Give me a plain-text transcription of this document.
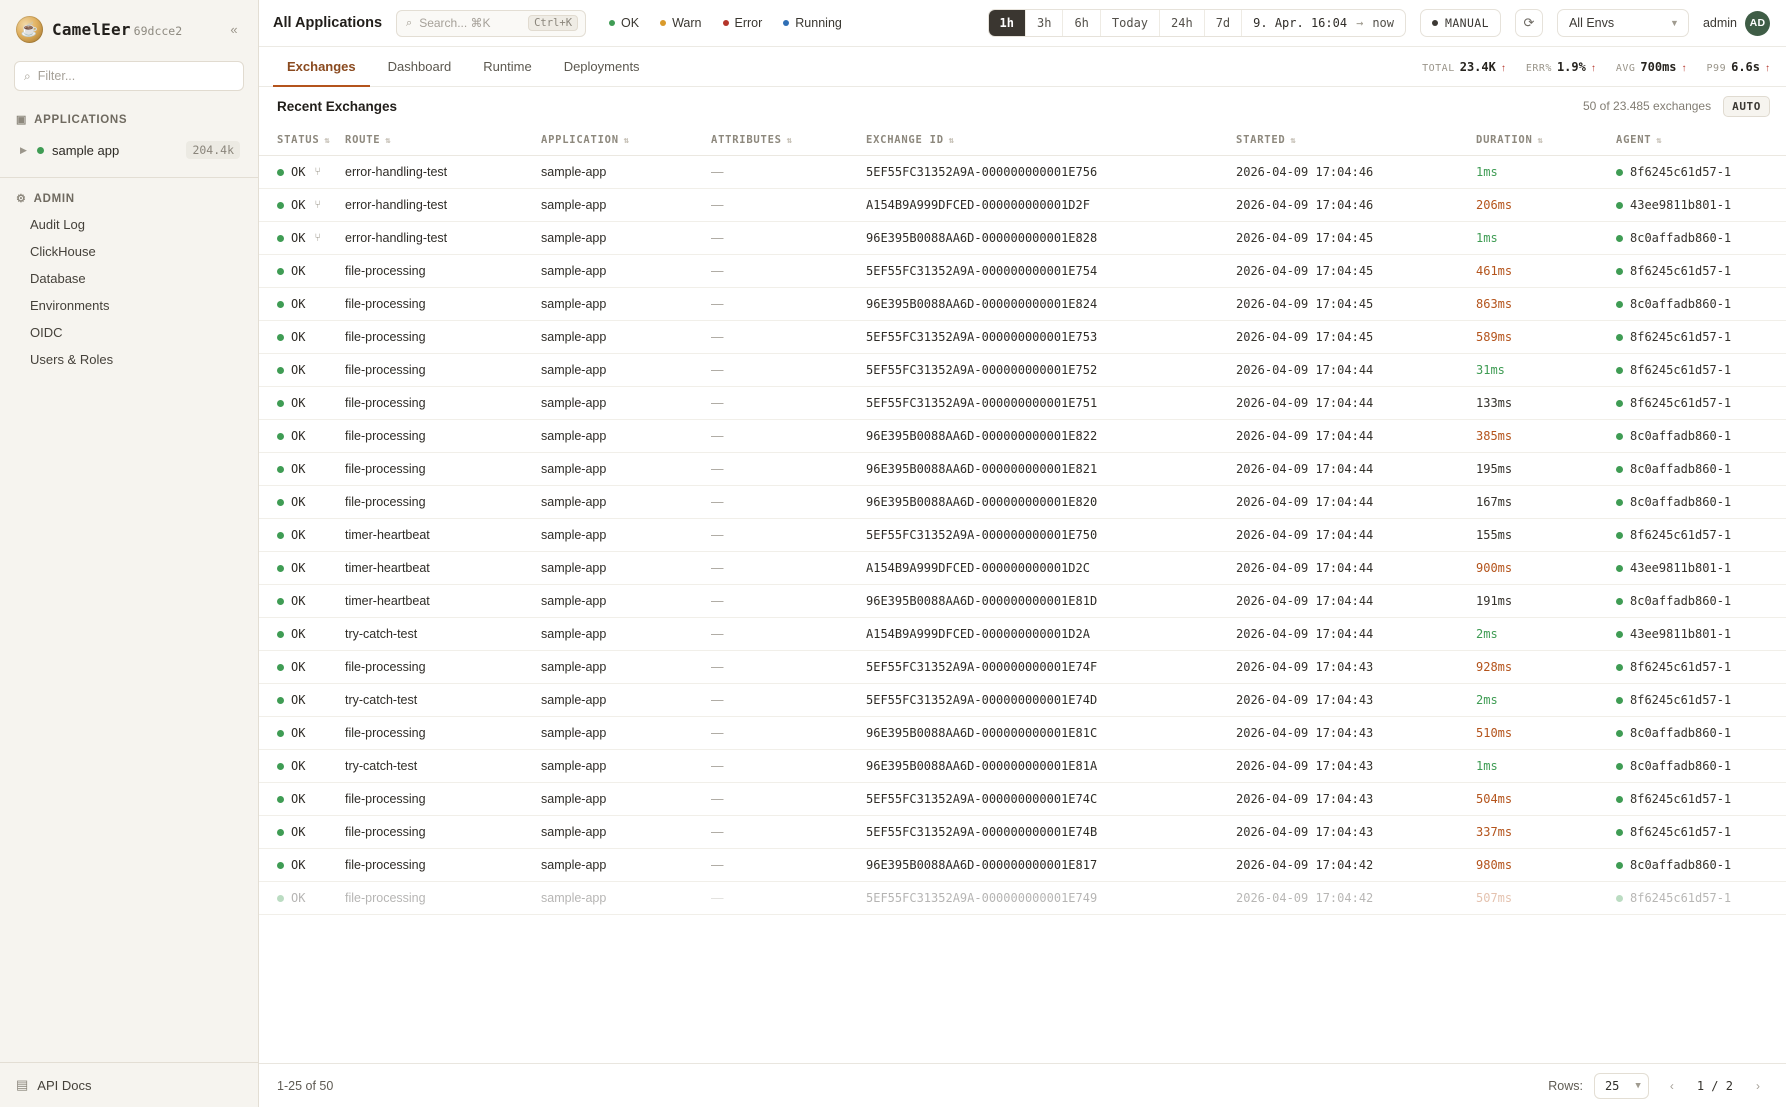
☕ CamelEer 69dcce2	«
⌕
Filter...
▣ APPLICATIONS
▶ sample app	204.4k
⚙ ADMIN
Audit Log
ClickHouse
Database
Environments
OIDC
Users & Roles
▤ API Docs
All Applications ⌕ Search... ⌘K	Ctrl+K	OK	Warn	Error	Running	1h	3h	6h	Today	24h	7d	9. Apr. 16:04 → now	MANUAL	⟳	All Envs	▼ admin	AD
Exchanges	Dashboard	Runtime	Deployments	TOTAL 23.4K ↑ ERR% 1.9% ↑ AVG 700ms ↑ P99 6.6s ↑
Recent Exchanges	50 of 23.485 exchanges	AUTO
STATUS ⇅	ROUTE ⇅	APPLICATION ⇅	ATTRIBUTES ⇅	EXCHANGE ID ⇅	STARTED ⇅	DURATION ⇅	AGENT ⇅

OK ⑂	error-handling-test	sample-app	—	5EF55FC31352A9A-000000000001E756	2026-04-09 17:04:46	1ms	8f6245c61d57-1

OK ⑂	error-handling-test	sample-app	—	A154B9A999DFCED-000000000001D2F	2026-04-09 17:04:46	206ms	43ee9811b801-1

OK ⑂	error-handling-test	sample-app	—	96E395B0088AA6D-000000000001E828	2026-04-09 17:04:45	1ms	8c0affadb860-1

OK	file-processing	sample-app	—	5EF55FC31352A9A-000000000001E754	2026-04-09 17:04:45	461ms	8f6245c61d57-1

OK	file-processing	sample-app	—	96E395B0088AA6D-000000000001E824	2026-04-09 17:04:45	863ms	8c0affadb860-1

OK	file-processing	sample-app	—	5EF55FC31352A9A-000000000001E753	2026-04-09 17:04:45	589ms	8f6245c61d57-1

OK	file-processing	sample-app	—	5EF55FC31352A9A-000000000001E752	2026-04-09 17:04:44	31ms	8f6245c61d57-1

OK	file-processing	sample-app	—	5EF55FC31352A9A-000000000001E751	2026-04-09 17:04:44	133ms	8f6245c61d57-1

OK	file-processing	sample-app	—	96E395B0088AA6D-000000000001E822	2026-04-09 17:04:44	385ms	8c0affadb860-1

OK	file-processing	sample-app	—	96E395B0088AA6D-000000000001E821	2026-04-09 17:04:44	195ms	8c0affadb860-1

OK	file-processing	sample-app	—	96E395B0088AA6D-000000000001E820	2026-04-09 17:04:44	167ms	8c0affadb860-1

OK	timer-heartbeat	sample-app	—	5EF55FC31352A9A-000000000001E750	2026-04-09 17:04:44	155ms	8f6245c61d57-1

OK	timer-heartbeat	sample-app	—	A154B9A999DFCED-000000000001D2C	2026-04-09 17:04:44	900ms	43ee9811b801-1

OK	timer-heartbeat	sample-app	—	96E395B0088AA6D-000000000001E81D	2026-04-09 17:04:44	191ms	8c0affadb860-1

OK	try-catch-test	sample-app	—	A154B9A999DFCED-000000000001D2A	2026-04-09 17:04:44	2ms	43ee9811b801-1

OK	file-processing	sample-app	—	5EF55FC31352A9A-000000000001E74F	2026-04-09 17:04:43	928ms	8f6245c61d57-1

OK	try-catch-test	sample-app	—	5EF55FC31352A9A-000000000001E74D	2026-04-09 17:04:43	2ms	8f6245c61d57-1

OK	file-processing	sample-app	—	96E395B0088AA6D-000000000001E81C	2026-04-09 17:04:43	510ms	8c0affadb860-1

OK	try-catch-test	sample-app	—	96E395B0088AA6D-000000000001E81A	2026-04-09 17:04:43	1ms	8c0affadb860-1

OK	file-processing	sample-app	—	5EF55FC31352A9A-000000000001E74C	2026-04-09 17:04:43	504ms	8f6245c61d57-1

OK	file-processing	sample-app	—	5EF55FC31352A9A-000000000001E74B	2026-04-09 17:04:43	337ms	8f6245c61d57-1

OK	file-processing	sample-app	—	96E395B0088AA6D-000000000001E817	2026-04-09 17:04:42	980ms	8c0affadb860-1

OK	file-processing	sample-app	—	5EF55FC31352A9A-000000000001E749	2026-04-09 17:04:42	507ms	8f6245c61d57-1
1-25 of 50	Rows: 25 ▼	‹	1 / 2	›
